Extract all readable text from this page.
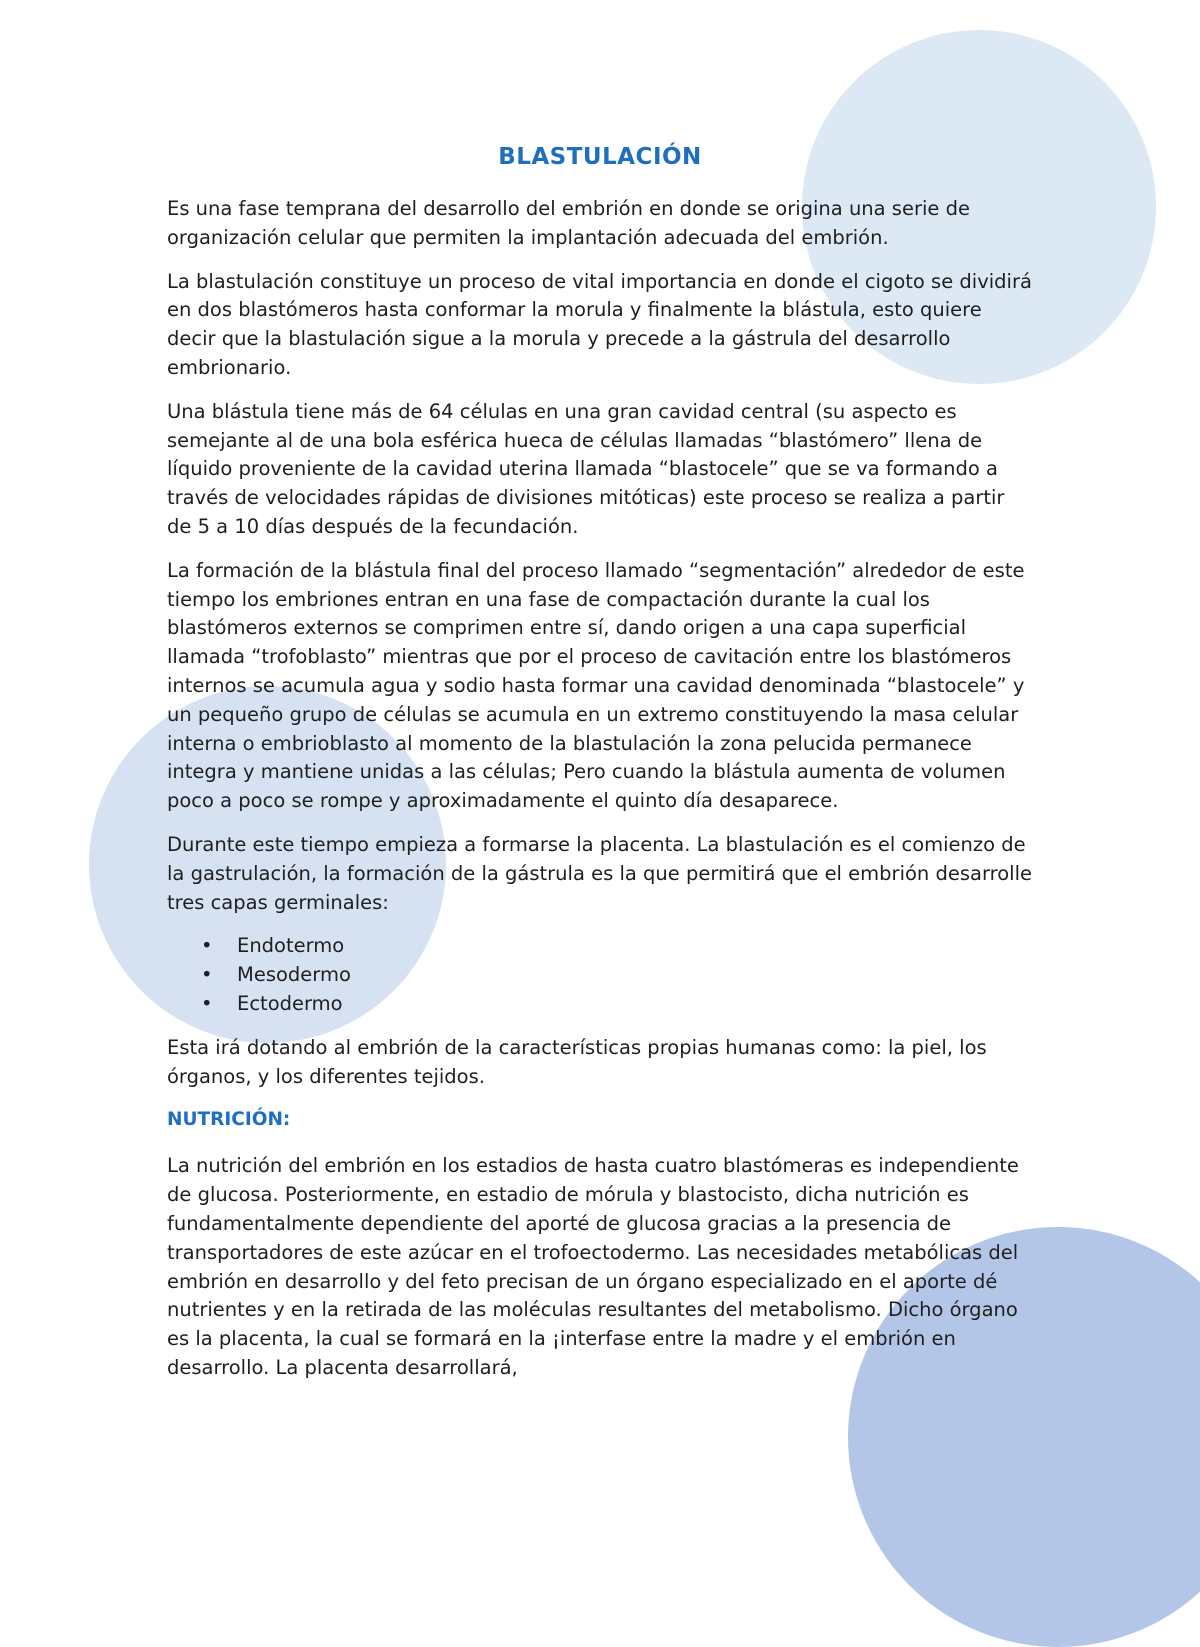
BLASTULACIÓN

Es una fase temprana del desarrollo del embrión en donde se origina una serie de organización celular que permiten la implantación adecuada del embrión.

La blastulación constituye un proceso de vital importancia en donde el cigoto se dividirá en dos blastómeros hasta conformar la morula y finalmente la blástula, esto quiere decir que la blastulación sigue a la morula y precede a la gástrula del desarrollo embrionario.

Una blástula tiene más de 64 células en una gran cavidad central (su aspecto es semejante al de una bola esférica hueca de células llamadas “blastómero” llena de líquido proveniente de la cavidad uterina llamada “blastocele” que se va formando a través de velocidades rápidas de divisiones mitóticas) este proceso se realiza a partir de 5 a 10 días después de la fecundación.

La formación de la blástula final del proceso llamado “segmentación” alrededor de este tiempo los embriones entran en una fase de compactación durante la cual los blastómeros externos se comprimen entre sí, dando origen a una capa superficial llamada “trofoblasto” mientras que por el proceso de cavitación entre los blastómeros internos se acumula agua y sodio hasta formar una cavidad denominada “blastocele” y un pequeño grupo de células se acumula en un extremo constituyendo la masa celular interna o embrioblasto al momento de la blastulación la zona pelucida permanece integra y mantiene unidas a las células; Pero cuando la blástula aumenta de volumen poco a poco se rompe y aproximadamente el quinto día desaparece.

Durante este tiempo empieza a formarse la placenta. La blastulación es el comienzo de la gastrulación, la formación de la gástrula es la que permitirá que el embrión desarrolle tres capas germinales:

• Endotermo
• Mesodermo
• Ectodermo

Esta irá dotando al embrión de la características propias humanas como: la piel, los órganos, y los diferentes tejidos.

NUTRICIÓN:

La nutrición del embrión en los estadios de hasta cuatro blastómeras es independiente de glucosa. Posteriormente, en estadio de mórula y blastocisto, dicha nutrición es fundamentalmente dependiente del aporté de glucosa gracias a la presencia de transportadores de este azúcar en el trofoectodermo. Las necesidades metabólicas del embrión en desarrollo y del feto precisan de un órgano especializado en el aporte dé nutrientes y en la retirada de las moléculas resultantes del metabolismo. Dicho órgano es la placenta, la cual se formará en la ¡interfase entre la madre y el embrión en desarrollo. La placenta desarrollará,
